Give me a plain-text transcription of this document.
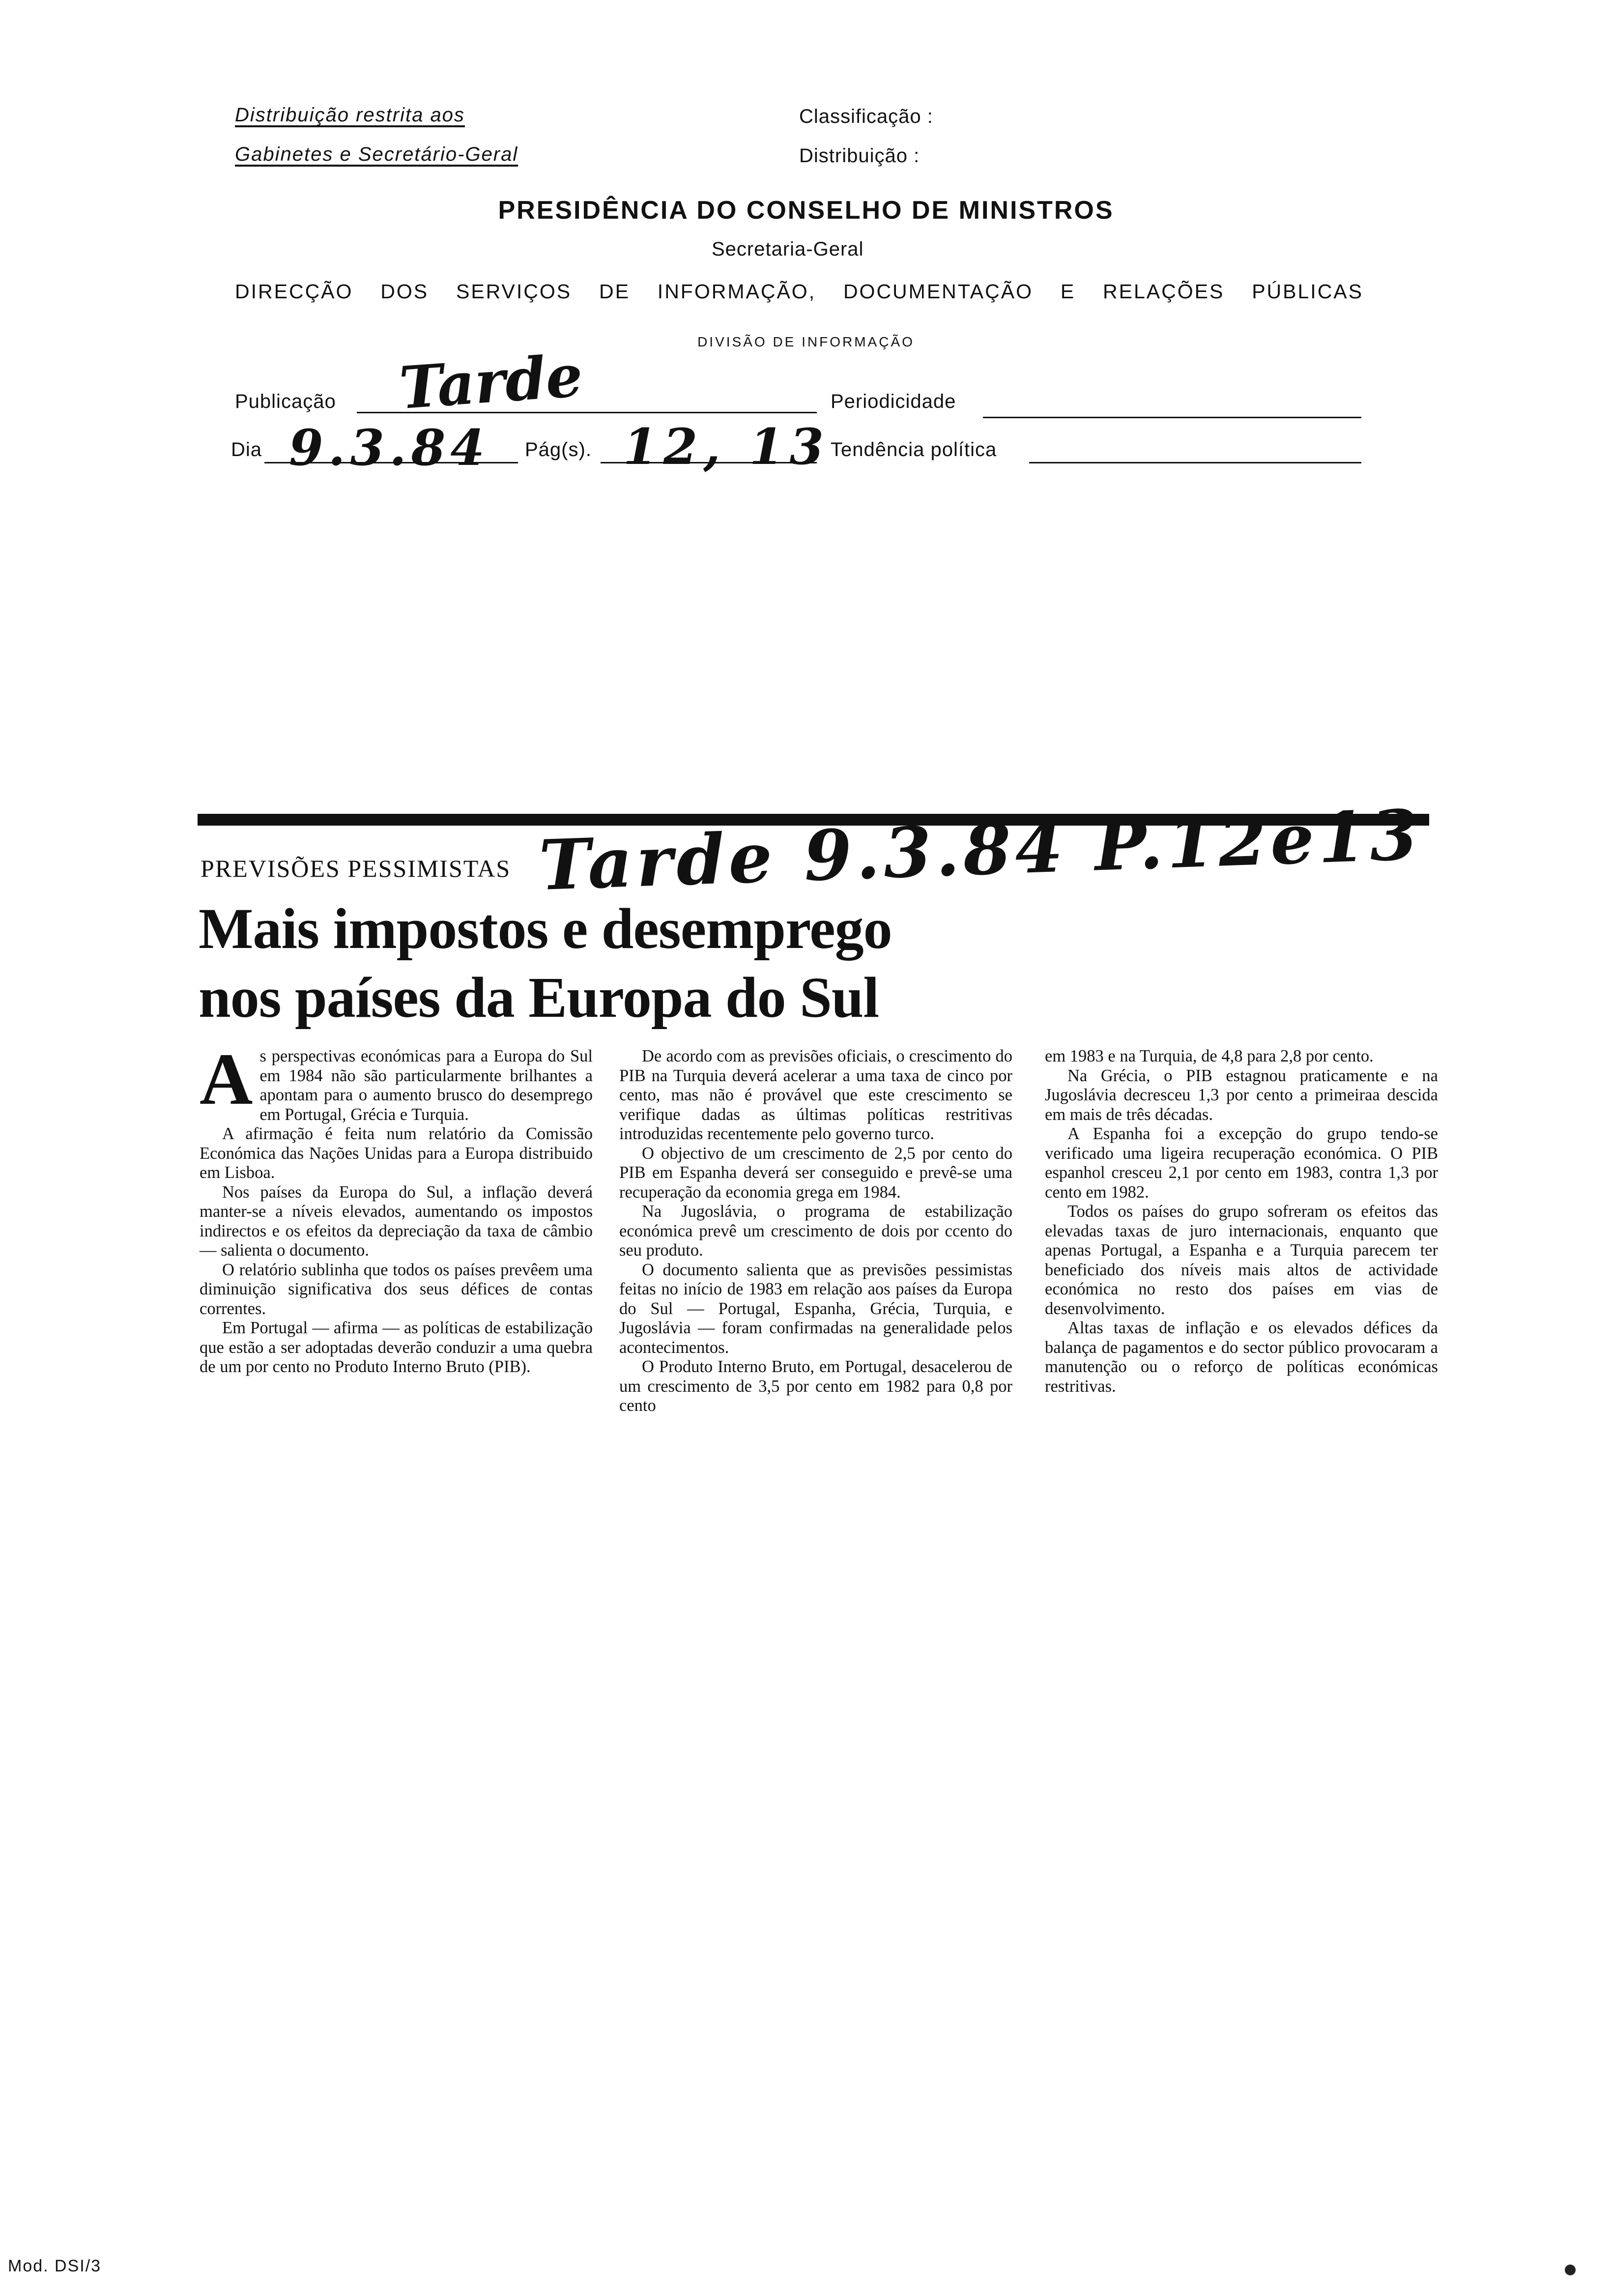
Distribuição restrita aos
Gabinetes e Secretário-Geral
Classificação :
Distribuição :
PRESIDÊNCIA DO CONSELHO DE MINISTROS
Secretaria-Geral
DIRECÇÃO DOS SERVIÇOS DE INFORMAÇÃO, DOCUMENTAÇÃO E RELAÇÕES PÚBLICAS
DIVISÃO DE INFORMAÇÃO
Publicação Tarde	Periodicidade
Dia 9.3.84 Pág(s). 12, 13 Tendência política
PREVISÕES PESSIMISTAS Tarde 9.3.84 P.12e13
Mais impostos e desemprego
nos países da Europa do Sul
A s perspectivas económicas para a Europa do Sul em 1984 não são particularmente brilhantes a apontam para o aumento brusco do desemprego em Portugal, Grécia e Turquia.

A afirmação é feita num relatório da Comissão Económica das Nações Unidas para a Europa distribuido em Lisboa.

Nos países da Europa do Sul, a inflação deverá manter-se a níveis elevados, aumentando os impostos indirectos e os efeitos da depreciação da taxa de câmbio — salienta o documento.

O relatório sublinha que todos os países prevêem uma diminuição significativa dos seus défices de contas correntes.

Em Portugal — afirma — as políticas de estabilização que estão a ser adoptadas deverão conduzir a uma quebra de um por cento no Produto Interno Bruto (PIB).

De acordo com as previsões oficiais, o crescimento do PIB na Turquia deverá acelerar a uma taxa de cinco por cento, mas não é provável que este crescimento se verifique dadas as últimas políticas restritivas introduzidas recentemente pelo governo turco.

O objectivo de um crescimento de 2,5 por cento do PIB em Espanha deverá ser conseguido e prevê-se uma recuperação da economia grega em 1984.

Na Jugoslávia, o programa de estabilização económica prevê um crescimento de dois por ccento do seu produto.

O documento salienta que as previsões pessimistas feitas no início de 1983 em relação aos países da Europa do Sul — Portugal, Espanha, Grécia, Turquia, e Jugoslávia — foram confirmadas na generalidade pelos acontecimentos.

O Produto Interno Bruto, em Portugal, desacelerou de um crescimento de 3,5 por cento em 1982 para 0,8 por cento

em 1983 e na Turquia, de 4,8 para 2,8 por cento.

Na Grécia, o PIB estagnou praticamente e na Jugoslávia decresceu 1,3 por cento a primeiraa descida em mais de três décadas.

A Espanha foi a excepção do grupo tendo-se verificado uma ligeira recuperação económica. O PIB espanhol cresceu 2,1 por cento em 1983, contra 1,3 por cento em 1982.

Todos os países do grupo sofreram os efeitos das elevadas taxas de juro internacionais, enquanto que apenas Portugal, a Espanha e a Turquia parecem ter beneficiado dos níveis mais altos de actividade económica no resto dos países em vias de desenvolvimento.

Altas taxas de inflação e os elevados défices da balança de pagamentos e do sector público provocaram a manutenção ou o reforço de políticas económicas restritivas.

Mod. DSI/3
